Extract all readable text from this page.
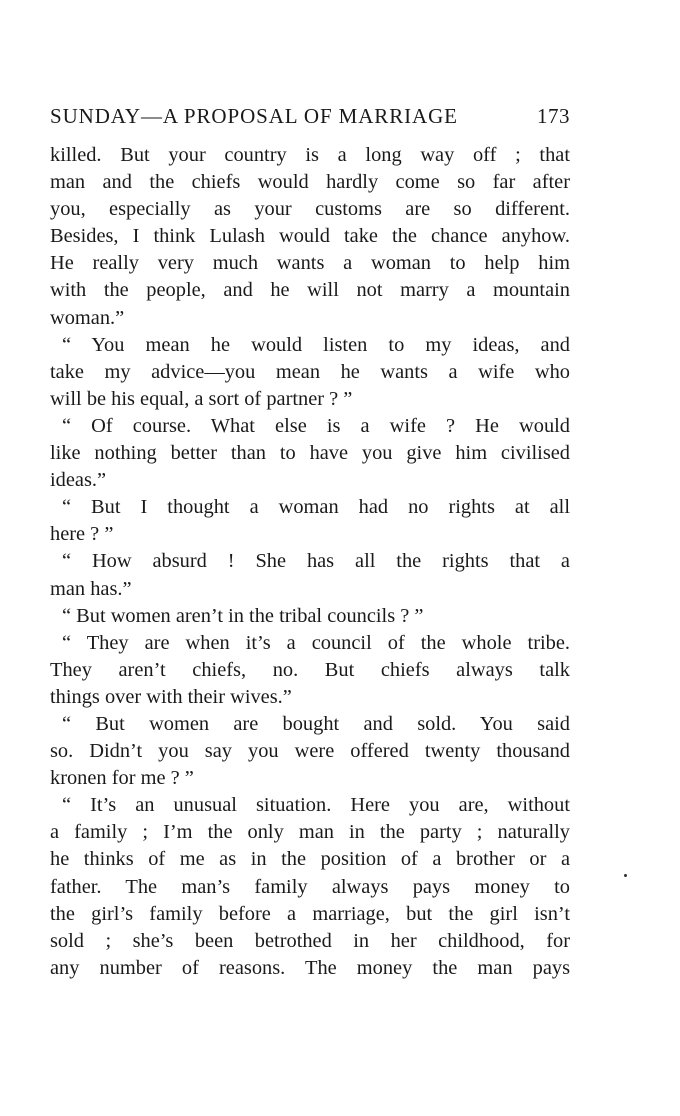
SUNDAY—A PROPOSAL OF MARRIAGE	173
killed. But your country is a long way off ; that
man and the chiefs would hardly come so far after
you, especially as your customs are so different.
Besides, I think Lulash would take the chance anyhow.
He really very much wants a woman to help him
with the people, and he will not marry a mountain
woman.”
“ You mean he would listen to my ideas, and
take my advice—you mean he wants a wife who
will be his equal, a sort of partner ? ”
“ Of course. What else is a wife ? He would
like nothing better than to have you give him civilised
ideas.”
“ But I thought a woman had no rights at all
here ? ”
“ How absurd ! She has all the rights that a
man has.”
“ But women aren’t in the tribal councils ? ”
“ They are when it’s a council of the whole tribe.
They aren’t chiefs, no. But chiefs always talk
things over with their wives.”
“ But women are bought and sold. You said
so. Didn’t you say you were offered twenty thousand
kronen for me ? ”
“ It’s an unusual situation. Here you are, without
a family ; I’m the only man in the party ; naturally
he thinks of me as in the position of a brother or a
father. The man’s family always pays money to
the girl’s family before a marriage, but the girl isn’t
sold ; she’s been betrothed in her childhood, for
any number of reasons. The money the man pays
